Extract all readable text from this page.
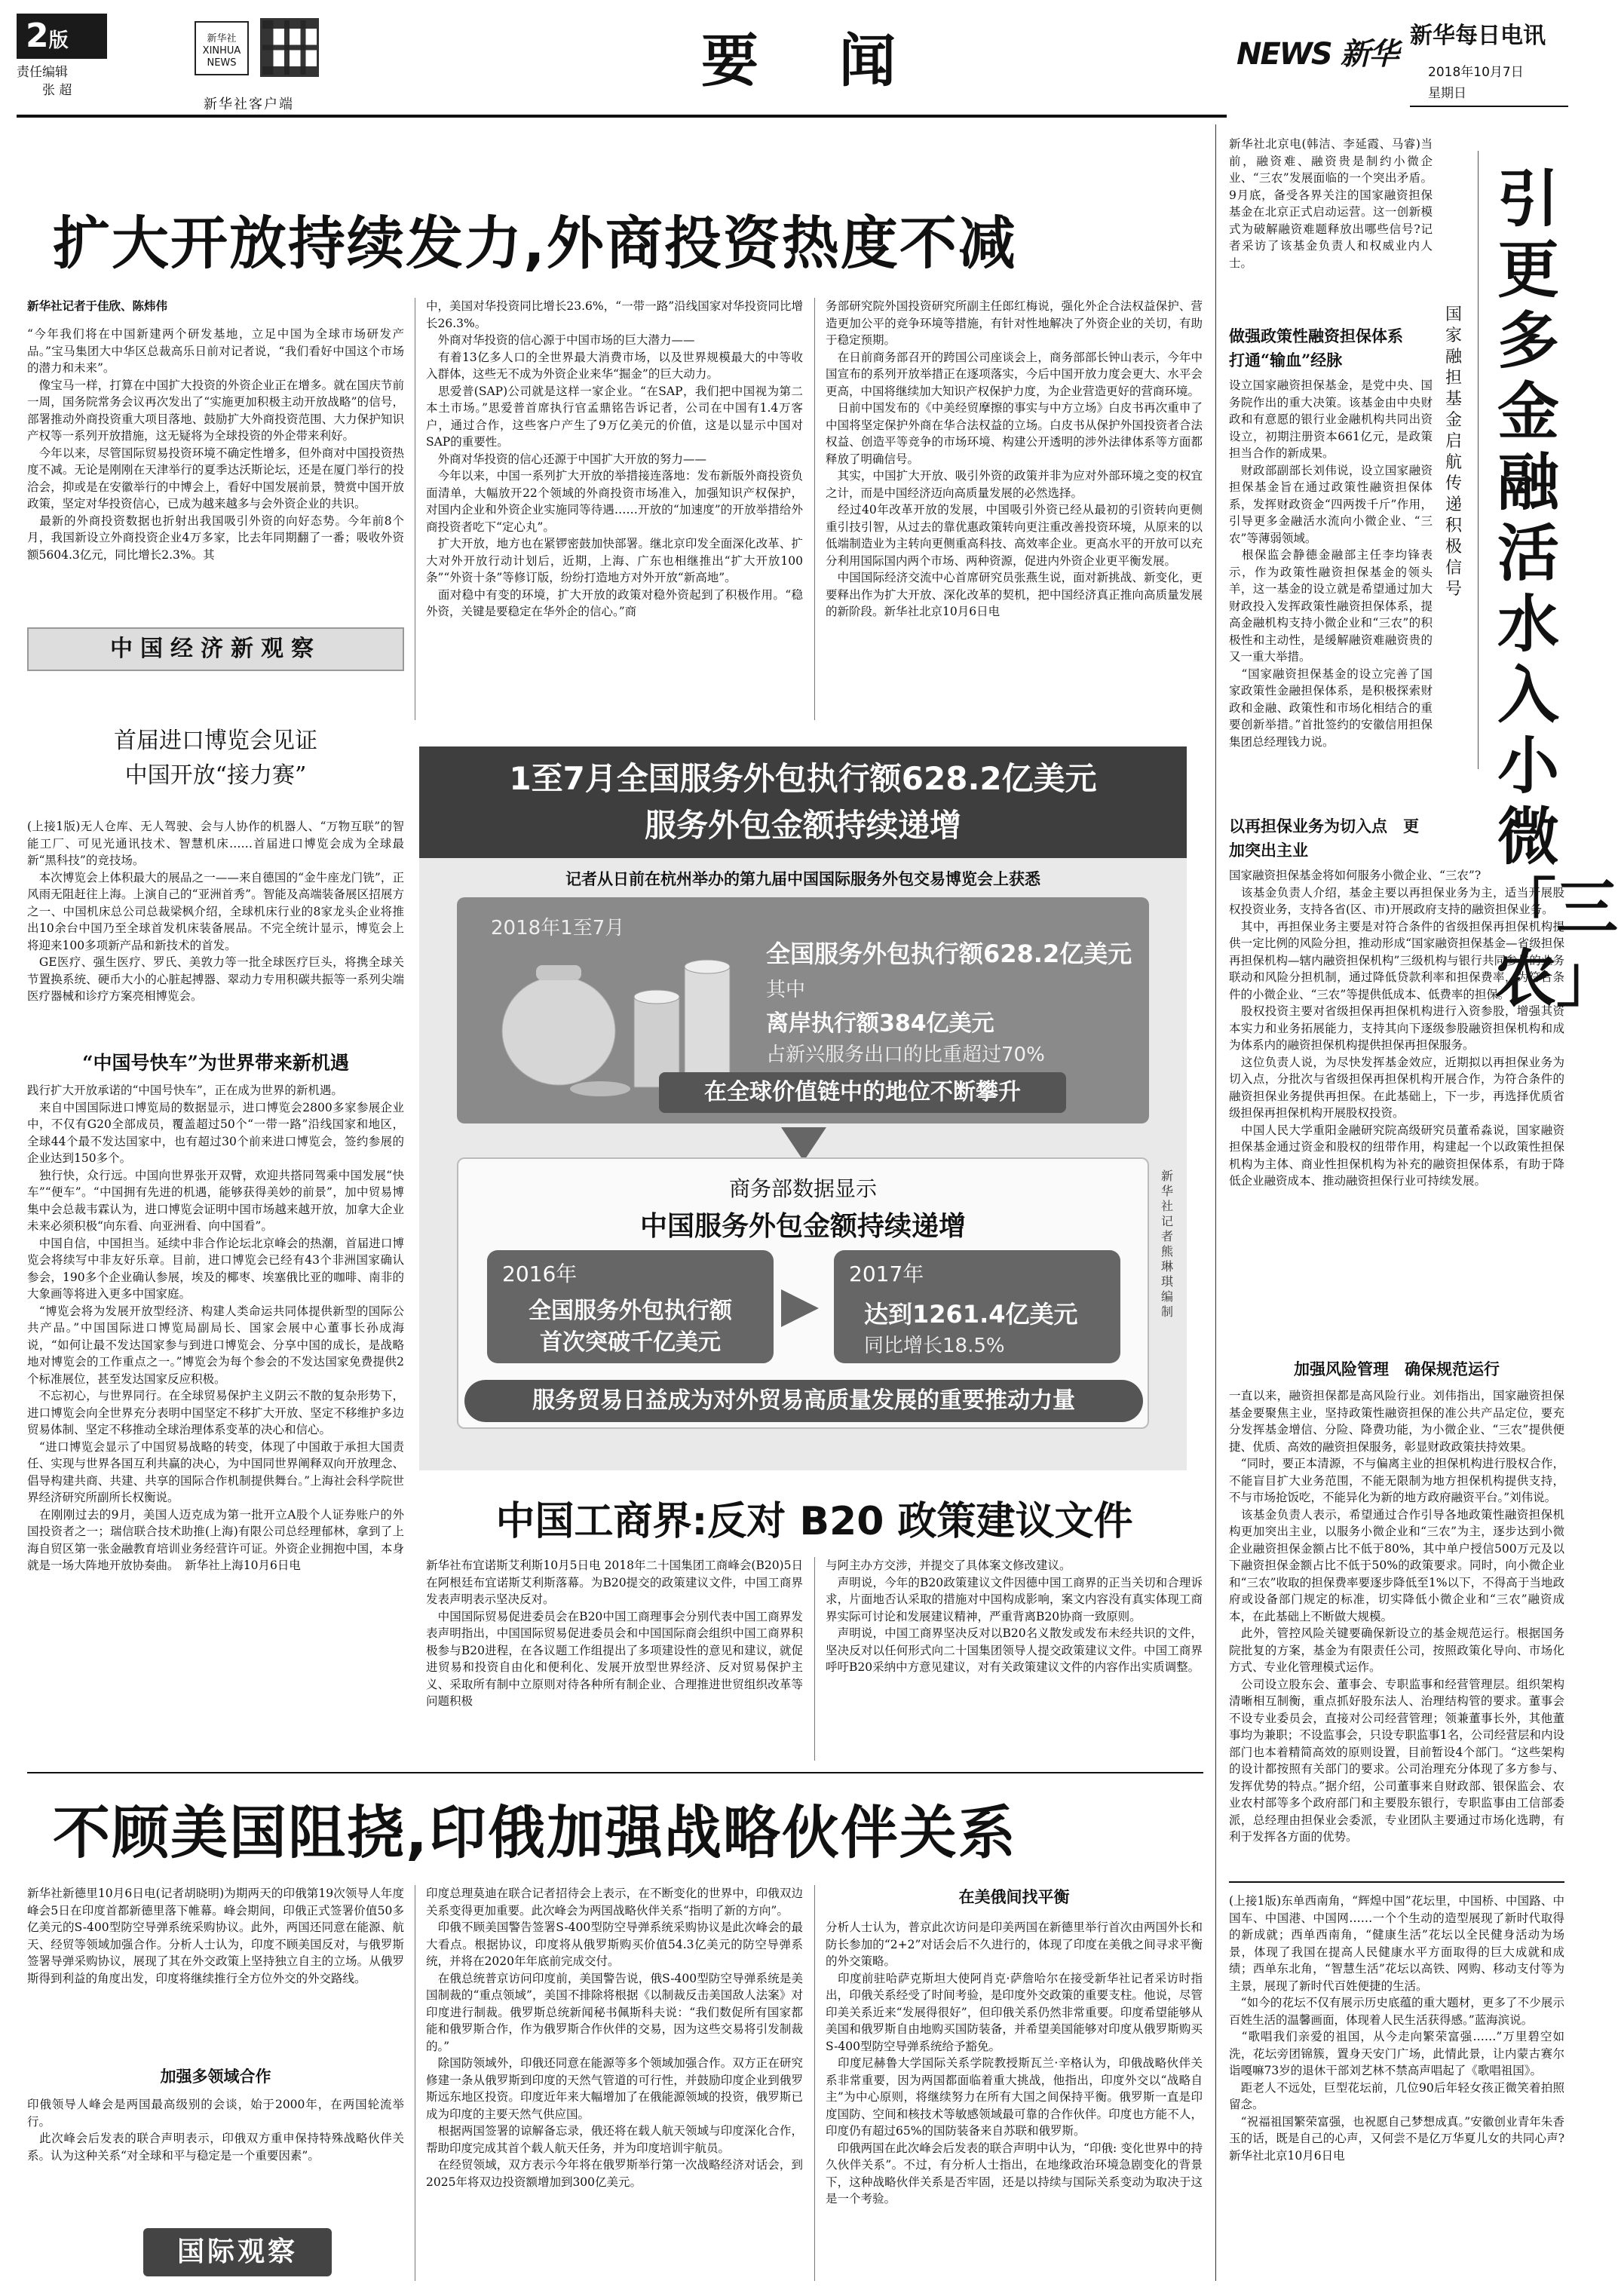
2版
责任编辑
张 超
新华社 XINHUA NEWS
新华社客户端
要 闻	NEWS 新华
新华每日电讯
2018年10月7日
星期日
扩大开放持续发力,外商投资热度不减
新华社记者于佳欣、陈炜伟
“今年我们将在中国新建两个研发基地，立足中国为全球市场研发产品。”宝马集团大中华区总裁高乐日前对记者说，“我们看好中国这个市场的潜力和未来”。
　像宝马一样，打算在中国扩大投资的外资企业正在增多。就在国庆节前一周，国务院常务会议再次发出了“实施更加积极主动开放战略”的信号，部署推动外商投资重大项目落地、鼓励扩大外商投资范围、大力保护知识产权等一系列开放措施，这无疑将为全球投资的外企带来利好。
　今年以来，尽管国际贸易投资环境不确定性增多，但外商对中国投资热度不减。无论是刚刚在天津举行的夏季达沃斯论坛，还是在厦门举行的投洽会，抑或是在安徽举行的中博会上，看好中国发展前景，赞赏中国开放政策，坚定对华投资信心，已成为越来越多与会外资企业的共识。
　最新的外商投资数据也折射出我国吸引外资的向好态势。今年前8个月，我国新设立外商投资企业4万多家，比去年同期翻了一番；吸收外资额5604.3亿元，同比增长2.3%。其
中，美国对华投资同比增长23.6%，“一带一路”沿线国家对华投资同比增长26.3%。
　外商对华投资的信心源于中国市场的巨大潜力——
　有着13亿多人口的全世界最大消费市场，以及世界规模最大的中等收入群体，这些无不成为外资企业来华“掘金”的巨大动力。
　思爱普(SAP)公司就是这样一家企业。“在SAP，我们把中国视为第二本土市场。”思爱普首席执行官孟鼎铭告诉记者，公司在中国有1.4万客户，通过合作，这些客户产生了9万亿美元的价值，这是以显示中国对SAP的重要性。
　外商对华投资的信心还源于中国扩大开放的努力——
　今年以来，中国一系列扩大开放的举措接连落地：发布新版外商投资负面清单，大幅放开22个领域的外商投资市场准入，加强知识产权保护，对国内企业和外资企业实施同等待遇……开放的“加速度”的开放举措给外商投资者吃下“定心丸”。
　扩大开放，地方也在紧锣密鼓加快部署。继北京印发全面深化改革、扩大对外开放行动计划后，近期，上海、广东也相继推出“扩大开放100条”“外资十条”等修订版，纷纷打造地方对外开放“新高地”。
　面对稳中有变的环境，扩大开放的政策对稳外资起到了积极作用。“稳外资，关键是要稳定在华外企的信心。”商
务部研究院外国投资研究所副主任郎红梅说，强化外企合法权益保护、营造更加公平的竞争环境等措施，有针对性地解决了外资企业的关切，有助于稳定预期。
　在日前商务部召开的跨国公司座谈会上，商务部部长钟山表示，今年中国宣布的系列开放举措正在逐项落实，今后中国开放力度会更大、水平会更高，中国将继续加大知识产权保护力度，为企业营造更好的营商环境。
　日前中国发布的《中美经贸摩擦的事实与中方立场》白皮书再次重申了中国将坚定保护外商在华合法权益的立场。白皮书从保护外国投资者合法权益、创造平等竞争的市场环境、构建公开透明的涉外法律体系等方面都释放了明确信号。
　其实，中国扩大开放、吸引外资的政策并非为应对外部环境之变的权宜之计，而是中国经济迈向高质量发展的必然选择。
　经过40年改革开放的发展，中国吸引外资已经从最初的引资转向更侧重引技引智，从过去的靠优惠政策转向更注重改善投资环境，从原来的以低端制造业为主转向更侧重高科技、高效率企业。更高水平的开放可以充分利用国际国内两个市场、两种资源，促进内外资企业更平衡发展。
　中国国际经济交流中心首席研究员张燕生说，面对新挑战、新变化，更要释出作为扩大开放、深化改革的契机，把中国经济真正推向高质量发展的新阶段。新华社北京10月6日电
中国经济新观察
首届进口博览会见证
中国开放“接力赛”
(上接1版)无人仓库、无人驾驶、会与人协作的机器人、“万物互联”的智能工厂、可见光通讯技术、智慧机床……首届进口博览会成为全球最新“黑科技”的竞技场。
　本次博览会上体积最大的展品之一——来自德国的“金牛座龙门铣”，正风雨无阻赶往上海。上演自己的“亚洲首秀”。智能及高端装备展区招展方之一、中国机床总公司总裁梁枫介绍，全球机床行业的8家龙头企业将推出10余台中国乃至全球首发机床装备展品。不完全统计显示，博览会上将迎来100多项新产品和新技术的首发。
　GE医疗、强生医疗、罗氏、美敦力等一批全球医疗巨头，将携全球关节置换系统、硬币大小的心脏起搏器、翠动力专用积碳共振等一系列尖端医疗器械和诊疗方案亮相博览会。
“中国号快车”为世界带来新机遇
践行扩大开放承诺的“中国号快车”，正在成为世界的新机遇。
　来自中国国际进口博览局的数据显示，进口博览会2800多家参展企业中，不仅有G20全部成员，覆盖超过50个“一带一路”沿线国家和地区，全球44个最不发达国家中，也有超过30个前来进口博览会，签约参展的企业达到150多个。
　独行快，众行远。中国向世界张开双臂，欢迎共搭同驾乘中国发展“快车”“便车”。“中国拥有先进的机遇，能够获得美妙的前景”，加中贸易博集中会总裁韦霖认为，进口博览会证明中国市场越来越开放，加拿大企业未来必须积极“向东看、向亚洲看、向中国看”。
　中国自信，中国担当。延续中非合作论坛北京峰会的热潮，首届进口博览会将续写中非友好乐章。目前，进口博览会已经有43个非洲国家确认参会，190多个企业确认参展，埃及的椰枣、埃塞俄比亚的咖啡、南非的大象画等将进入更多中国家庭。
　“博览会将为发展开放型经济、构建人类命运共同体提供新型的国际公共产品。”中国国际进口博览局副局长、国家会展中心董事长孙成海说，“如何让最不发达国家参与到进口博览会、分享中国的成长，是战略地对博览会的工作重点之一。”博览会为每个参会的不发达国家免费提供2个标准展位，甚至发达国家反应积极。
　不忘初心，与世界同行。在全球贸易保护主义阴云不散的复杂形势下，进口博览会向全世界充分表明中国坚定不移扩大开放、坚定不移维护多边贸易体制、坚定不移推动全球治理体系变革的决心和信心。
　“进口博览会显示了中国贸易战略的转变，体现了中国敢于承担大国责任、实现与世界各国互利共赢的决心，为中国同世界阐释双向开放理念、倡导构建共商、共建、共享的国际合作机制提供舞台。”上海社会科学院世界经济研究所副所长权衡说。
　在刚刚过去的9月，美国人迈克成为第一批开立A股个人证券账户的外国投资者之一；瑞信联合技术助推(上海)有限公司总经理郁林，拿到了上海自贸区第一张金融教育培训业务经营许可证。外资企业拥抱中国，本身就是一场大阵地开放协奏曲。　新华社上海10月6日电
1至7月全国服务外包执行额628.2亿美元
服务外包金额持续递增
记者从日前在杭州举办的第九届中国国际服务外包交易博览会上获悉
2018年1至7月
全国服务外包执行额628.2亿美元
其中
离岸执行额384亿美元
占新兴服务出口的比重超过70%
在全球价值链中的地位不断攀升
商务部数据显示
中国服务外包金额持续递增
2016年
全国服务外包执行额
首次突破千亿美元
2017年
达到1261.4亿美元
同比增长18.5%
服务贸易日益成为对外贸易高质量发展的重要推动力量
新华社记者熊琳琪编制
中国工商界:反对 B20 政策建议文件
新华社布宜诺斯艾利斯10月5日电 2018年二十国集团工商峰会(B20)5日在阿根廷布宜诺斯艾利斯落幕。为B20提交的政策建议文件，中国工商界发表声明表示坚决反对。
　中国国际贸易促进委员会在B20中国工商理事会分别代表中国工商界发表声明指出，中国国际贸易促进委员会和中国国际商会组织中国工商界积极参与B20进程，在各议题工作组提出了多项建设性的意见和建议，就促进贸易和投资自由化和便利化、发展开放型世界经济、反对贸易保护主义、采取所有制中立原则对待各种所有制企业、合理推进世贸组织改革等问题积极
与阿主办方交涉，并提交了具体案文修改建议。
　声明说，今年的B20政策建议文件因德中国工商界的正当关切和合理诉求，片面地否认采取的措施对中国构成影响，案文内容没有真实体现工商界实际可讨论和发展建议精神，严重背离B20协商一致原则。
　声明说，中国工商界坚决反对以B20名义散发或发布未经共识的文件，坚决反对以任何形式向二十国集团领导人提交政策建议文件。中国工商界呼吁B20采纳中方意见建议，对有关政策建议文件的内容作出实质调整。
不顾美国阻挠,印俄加强战略伙伴关系
新华社新德里10月6日电(记者胡晓明)为期两天的印俄第19次领导人年度峰会5日在印度首都新德里落下帷幕。峰会期间，印俄正式签署价值50多亿美元的S-400型防空导弹系统采购协议。此外，两国还同意在能源、航天、经贸等领域加强合作。分析人士认为，印度不顾美国反对，与俄罗斯签署导弹采购协议，展现了其在外交政策上坚持独立自主的立场。从俄罗斯得到利益的角度出发，印度将继续推行全方位外交的外交路线。
加强多领域合作
印俄领导人峰会是两国最高级别的会谈，始于2000年，在两国轮流举行。
　此次峰会后发表的联合声明表示，印俄双方重申保持特殊战略伙伴关系。认为这种关系“对全球和平与稳定是一个重要因素”。
国际观察
印度总理莫迪在联合记者招待会上表示，在不断变化的世界中，印俄双边关系变得更加重要。此次峰会为两国战略伙伴关系“指明了新的方向”。
　印俄不顾美国警告签署S-400型防空导弹系统采购协议是此次峰会的最大看点。根据协议，印度将从俄罗斯购买价值54.3亿美元的防空导弹系统，并将在2020年年底前完成交付。
　在俄总统普京访问印度前，美国警告说，俄S-400型防空导弹系统是美国制裁的“重点领域”，美国不排除将根据《以制裁反击美国敌人法案》对印度进行制裁。俄罗斯总统新闻秘书佩斯科夫说：“我们数促所有国家都能和俄罗斯合作，作为俄罗斯合作伙伴的交易，因为这些交易将引发制裁的。”
　除国防领域外，印俄还同意在能源等多个领域加强合作。双方正在研究修建一条从俄罗斯到印度的天然气管道的可行性，并鼓励印度企业到俄罗斯远东地区投资。印度近年来大幅增加了在俄能源领域的投资，俄罗斯已成为印度的主要天然气供应国。
　根据两国签署的谅解备忘录，俄还将在载人航天领域与印度深化合作，帮助印度完成其首个载人航天任务，并为印度培训宇航员。
　在经贸领域，双方表示今年将在俄罗斯举行第一次战略经济对话会，到2025年将双边投资额增加到300亿美元。
在美俄间找平衡
分析人士认为，普京此次访问是印美两国在新德里举行首次由两国外长和防长参加的“2+2”对话会后不久进行的，体现了印度在美俄之间寻求平衡的外交策略。
　印度前驻哈萨克斯坦大使阿肖克·萨詹哈尔在接受新华社记者采访时指出，印俄关系经受了时间考验，是印度外交政策的重要支柱。他说，尽管印美关系近来“发展得很好”，但印俄关系仍然非常重要。印度希望能够从美国和俄罗斯自由地购买国防装备，并希望美国能够对印度从俄罗斯购买S-400型防空导弹系统给予豁免。
　印度尼赫鲁大学国际关系学院教授斯瓦兰·辛格认为，印俄战略伙伴关系非常重要，因为两国都面临着重大挑战，他指出，印度外交以“战略自主”为中心原则，将继续努力在所有大国之间保持平衡。俄罗斯一直是印度国防、空间和核技术等敏感领域最可靠的合作伙伴。印度也方能不人，印度仍有超过65%的国防装备来自苏联和俄罗斯。
　印俄两国在此次峰会后发表的联合声明中认为，“印俄: 变化世界中的持久伙伴关系”。不过，有分析人士指出，在地缘政治环境急剧变化的背景下，这种战略伙伴关系是否牢固，还是以持续与国际关系变动为取决于这是一个考验。
新华社北京电(韩洁、李延霞、马睿)当前，融资难、融资贵是制约小微企业、“三农”发展面临的一个突出矛盾。9月底，备受各界关注的国家融资担保基金在北京正式启动运营。这一创新模式为破解融资难题释放出哪些信号?记者采访了该基金负责人和权威业内人士。
引更多金融活水入小微「三农」
国家融担基金启航传递积极信号
做强政策性融资担保体系　打通“输血”经脉
设立国家融资担保基金，是党中央、国务院作出的重大决策。该基金由中央财政和有意愿的银行业金融机构共同出资设立，初期注册资本661亿元，是政策担当合作的新成果。
　财政部副部长刘伟说，设立国家融资担保基金旨在通过政策性融资担保体系，发挥财政资金“四两拨千斤”作用，引导更多金融活水流向小微企业、“三农”等薄弱领域。
　根保监会静德金融部主任李均锋表示，作为政策性融资担保基金的领头羊，这一基金的设立就是希望通过加大财政投入发挥政策性融资担保体系，提高金融机构支持小微企业和“三农”的积极性和主动性，是缓解融资难融资贵的又一重大举措。
　“国家融资担保基金的设立完善了国家政策性金融担保体系，是积极探索财政和金融、政策性和市场化相结合的重要创新举措。”首批签约的安徽信用担保集团总经理钱力说。
以再担保业务为切入点　更加突出主业
国家融资担保基金将如何服务小微企业、“三农”?
　该基金负责人介绍，基金主要以再担保业务为主，适当开展股权投资业务，支持各省(区、市)开展政府支持的融资担保业务。
　其中，再担保业务主要是对符合条件的省级担保再担保机构提供一定比例的风险分担，推动形成“国家融资担保基金—省级担保再担保机构—辖内融资担保机构”三级机构与银行共同参与的业务联动和风险分担机制，通过降低贷款利率和担保费率，为符合条件的小微企业、“三农”等提供低成本、低费率的担保。
　股权投资主要对省级担保再担保机构进行入资参股，增强其资本实力和业务拓展能力，支持其向下逐级参股融资担保机构和成为体系内的融资担保机构提供担保再担保服务。
　这位负责人说，为尽快发挥基金效应，近期拟以再担保业务为切入点，分批次与省级担保再担保机构开展合作，为符合条件的融资担保业务提供再担保。在此基础上，下一步，再选择优质省级担保再担保机构开展股权投资。
　中国人民大学重阳金融研究院高级研究员董希淼说，国家融资担保基金通过资金和股权的纽带作用，构建起一个以政策性担保机构为主体、商业性担保机构为补充的融资担保体系，有助于降低企业融资成本、推动融资担保行业可持续发展。
加强风险管理　确保规范运行
一直以来，融资担保都是高风险行业。刘伟指出，国家融资担保基金要聚焦主业，坚持政策性融资担保的准公共产品定位，要充分发挥基金增信、分险、降费功能，为小微企业、“三农”提供便捷、优质、高效的融资担保服务，彰显财政政策扶持效果。
　“同时，要正本清源，不与偏离主业的担保机构进行股权合作，不能盲目扩大业务范围，不能无限制为地方担保机构提供支持，不与市场抢饭吃，不能异化为新的地方政府融资平台。”刘伟说。
　该基金负责人表示，希望通过合作引导各地政策性融资担保机构更加突出主业，以服务小微企业和“三农”为主，逐步达到小微企业融资担保金额占比不低于80%，其中单户授信500万元及以下融资担保金额占比不低于50%的政策要求。同时，向小微企业和“三农”收取的担保费率要逐步降低至1%以下，不得高于当地政府或设备部门规定的标准，切实降低小微企业和“三农”融资成本，在此基础上不断做大规模。
　此外，管控风险关键要确保新设立的基金规范运行。根据国务院批复的方案，基金为有限责任公司，按照政策化导向、市场化方式、专业化管理模式运作。
　公司设立股东会、董事会、专职监事和经营管理层。组织架构清晰相互制衡，重点抓好股东法人、治理结构管的要求。董事会不设专业委员会，直接对公司经营管理；领兼董事长外，其他董事均为兼职；不设监事会，只设专职监事1名，公司经营层和内设部门也本着精简高效的原则设置，目前暂设4个部门。“这些架构的设计都按照有关部门的要求。公司治理充分体现了多方参与、发挥优势的特点。”据介绍，公司董事来自财政部、银保监会、农业农村部等多个政府部门和主要股东银行，专职监事由工信部委派，总经理由担保业会委派，专业团队主要通过市场化选聘，有利于发挥各方面的优势。
(上接1版)东单西南角，“辉煌中国”花坛里，中国桥、中国路、中国车、中国港、中国网……一个个生动的造型展现了新时代取得的新成就；西单西南角，“健康生活”花坛以全民健身活动为场景，体现了我国在提高人民健康水平方面取得的巨大成就和成绩；西单东北角，“智慧生活”花坛以高铁、网购、移动支付等为主景，展现了新时代百姓便捷的生活。
　“如今的花坛不仅有展示历史底蕴的重大题材，更多了不少展示百姓生活的温馨画面，体现着人民生活获得感。”蓝海滨说。
　“歌唱我们亲爱的祖国，从今走向繁荣富强……”万里碧空如洗，花坛旁团锦簇，置身天安门广场，此情此景，让内蒙古赛尔诣嘎嘛73岁的退休干部刘艺林不禁高声唱起了《歌唱祖国》。
　距老人不远处，巨型花坛前，几位90后年轻女孩正微笑着拍照留念。
　“祝福祖国繁荣富强，也祝愿自己梦想成真。”安徽创业青年朱香玉的话，既是自己的心声，又何尝不是亿万华夏儿女的共同心声?　　新华社北京10月6日电
